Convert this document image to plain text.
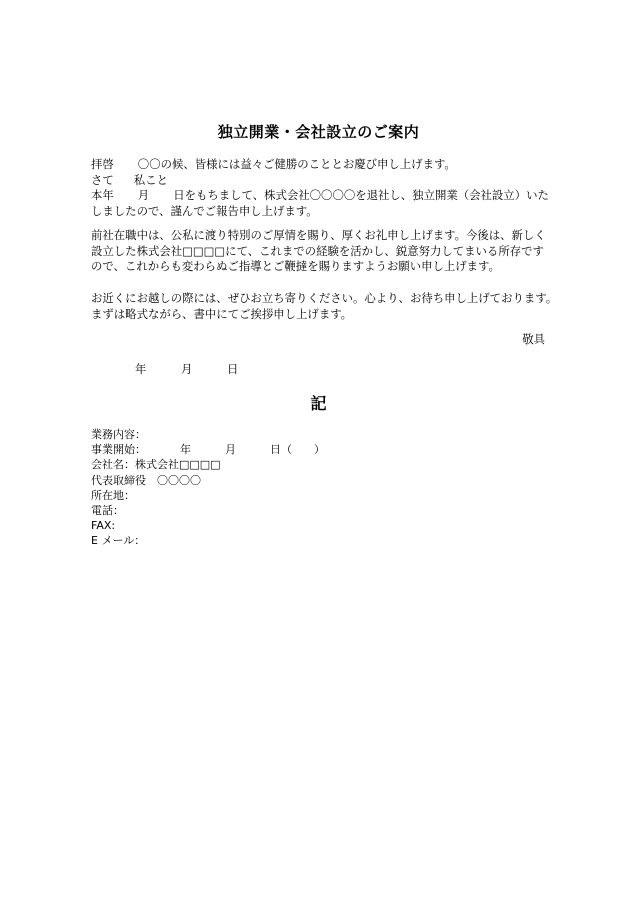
独立開業・会社設立のご案内
拝啓 〇〇の候、皆様には益々ご健勝のこととお慶び申し上げます。
さて 私こと
本年 月 日をもちまして、株式会社〇〇〇〇を退社し、独立開業（会社設立）いた
しましたので、謹んでご報告申し上げます。
前社在職中は、公私に渡り特別のご厚情を賜り、厚くお礼申し上げます。今後は、新しく
設立した株式会社□□□□にて、これまでの経験を活かし、鋭意努力してまいる所存です
ので、これからも変わらぬご指導とご鞭撻を賜りますようお願い申し上げます。
お近くにお越しの際には、ぜひお立ち寄りください。心より、お待ち申し上げております。
まずは略式ながら、書中にてご挨拶申し上げます。

敬具

年	月	日

記

業務内容：
事業開始：	年	月	日（　　）
会社名：株式会社□□□□
代表取締役　〇〇〇〇
所在地：
電話：
FAX:
E メール：
